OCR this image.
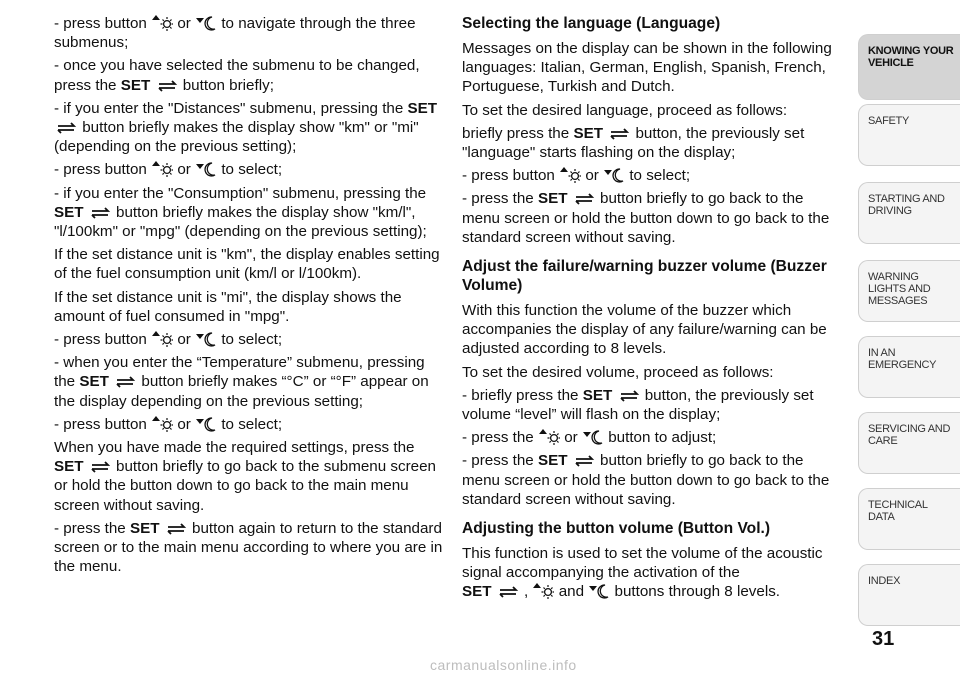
- press button or to navigate through the three submenus;

- once you have selected the submenu to be changed, press the SET button briefly;

- if you enter the "Distances" submenu, pressing the SET
button briefly makes the display show "km" or "mi" (depending on the previous setting);

- press button or to select;

- if you enter the "Consumption" submenu, pressing the SET button briefly makes the display show "km/l", "l/100km" or "mpg" (depending on the previous setting);

If the set distance unit is "km", the display enables setting of the fuel consumption unit (km/l or l/100km).

If the set distance unit is "mi", the display shows the amount of fuel consumed in "mpg".

- press button or to select;

- when you enter the “Temperature” submenu, pressing the SET button briefly makes “°C” or “°F” appear on the display depending on the previous setting;

- press button or to select;

When you have made the required settings, press the SET button briefly to go back to the submenu screen or hold the button down to go back to the main menu screen without saving.

- press the SET button again to return to the standard screen or to the main menu according to where you are in the menu.

Selecting the language (Language)

Messages on the display can be shown in the following languages: Italian, German, English, Spanish, French, Portuguese, Turkish and Dutch.

To set the desired language, proceed as follows:

briefly press the SET button, the previously set "language" starts flashing on the display;

- press button or to select;

- press the SET button briefly to go back to the menu screen or hold the button down to go back to the standard screen without saving.

Adjust the failure/warning buzzer volume (Buzzer Volume)

With this function the volume of the buzzer which accompanies the display of any failure/warning can be adjusted according to 8 levels.

To set the desired volume, proceed as follows:

- briefly press the SET button, the previously set volume “level” will flash on the display;

- press the or button to adjust;

- press the SET button briefly to go back to the menu screen or hold the button down to go back to the standard screen without saving.

Adjusting the button volume (Button Vol.)

This function is used to set the volume of the acoustic signal accompanying the activation of the

SET , and buttons through 8 levels.

KNOWING YOUR VEHICLE
SAFETY
STARTING AND DRIVING
WARNING LIGHTS AND MESSAGES
IN AN EMERGENCY
SERVICING AND CARE
TECHNICAL DATA
INDEX
31
carmanualsonline.info
